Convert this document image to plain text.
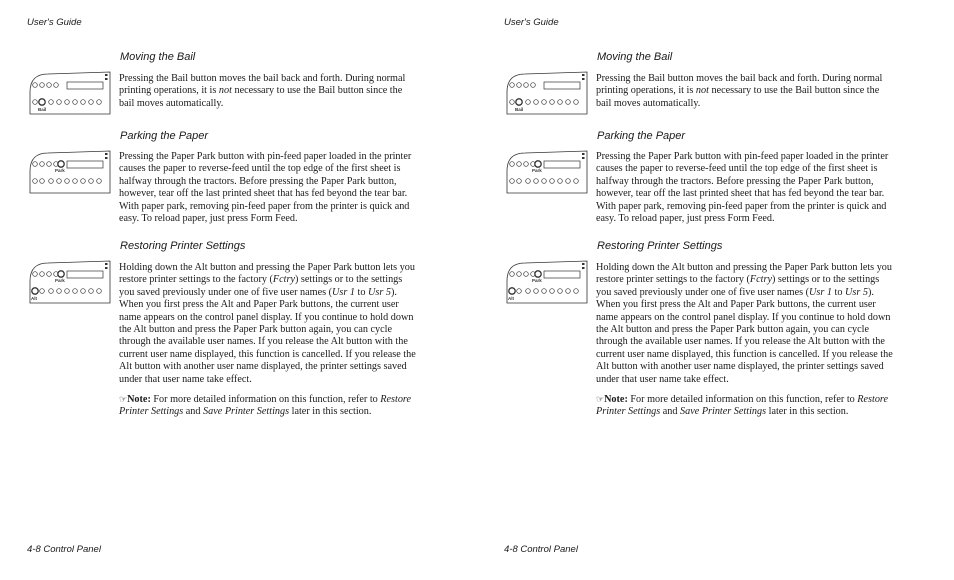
User's Guide
4-8 Control Panel
Moving the Bail
Bail
Pressing the Bail button moves the bail back and forth. During normal
printing operations, it is not necessary to use the Bail button since the
bail moves automatically.
Parking the Paper
Park
Pressing the Paper Park button with pin-feed paper loaded in the printer
causes the paper to reverse-feed until the top edge of the first sheet is
halfway through the tractors. Before pressing the Paper Park button,
however, tear off the last printed sheet that has fed beyond the tear bar.
With paper park, removing pin-feed paper from the printer is quick and
easy. To reload paper, just press Form Feed.
Restoring Printer Settings
Park
Alt
Holding down the Alt button and pressing the Paper Park button lets you
restore printer settings to the factory (Fctry) settings or to the settings
you saved previously under one of five user names (Usr 1 to Usr 5).
When you first press the Alt and Paper Park buttons, the current user
name appears on the control panel display. If you continue to hold down
the Alt button and press the Paper Park button again, you can cycle
through the available user names. If you release the Alt button with the
current user name displayed, this function is cancelled. If you release the
Alt button with another user name displayed, the printer settings saved
under that user name take effect.
☞Note: For more detailed information on this function, refer to Restore
Printer Settings and Save Printer Settings later in this section.
User's Guide
4-8 Control Panel
Moving the Bail
Bail
Pressing the Bail button moves the bail back and forth. During normal
printing operations, it is not necessary to use the Bail button since the
bail moves automatically.
Parking the Paper
Park
Pressing the Paper Park button with pin-feed paper loaded in the printer
causes the paper to reverse-feed until the top edge of the first sheet is
halfway through the tractors. Before pressing the Paper Park button,
however, tear off the last printed sheet that has fed beyond the tear bar.
With paper park, removing pin-feed paper from the printer is quick and
easy. To reload paper, just press Form Feed.
Restoring Printer Settings
Park
Alt
Holding down the Alt button and pressing the Paper Park button lets you
restore printer settings to the factory (Fctry) settings or to the settings
you saved previously under one of five user names (Usr 1 to Usr 5).
When you first press the Alt and Paper Park buttons, the current user
name appears on the control panel display. If you continue to hold down
the Alt button and press the Paper Park button again, you can cycle
through the available user names. If you release the Alt button with the
current user name displayed, this function is cancelled. If you release the
Alt button with another user name displayed, the printer settings saved
under that user name take effect.
☞Note: For more detailed information on this function, refer to Restore
Printer Settings and Save Printer Settings later in this section.
